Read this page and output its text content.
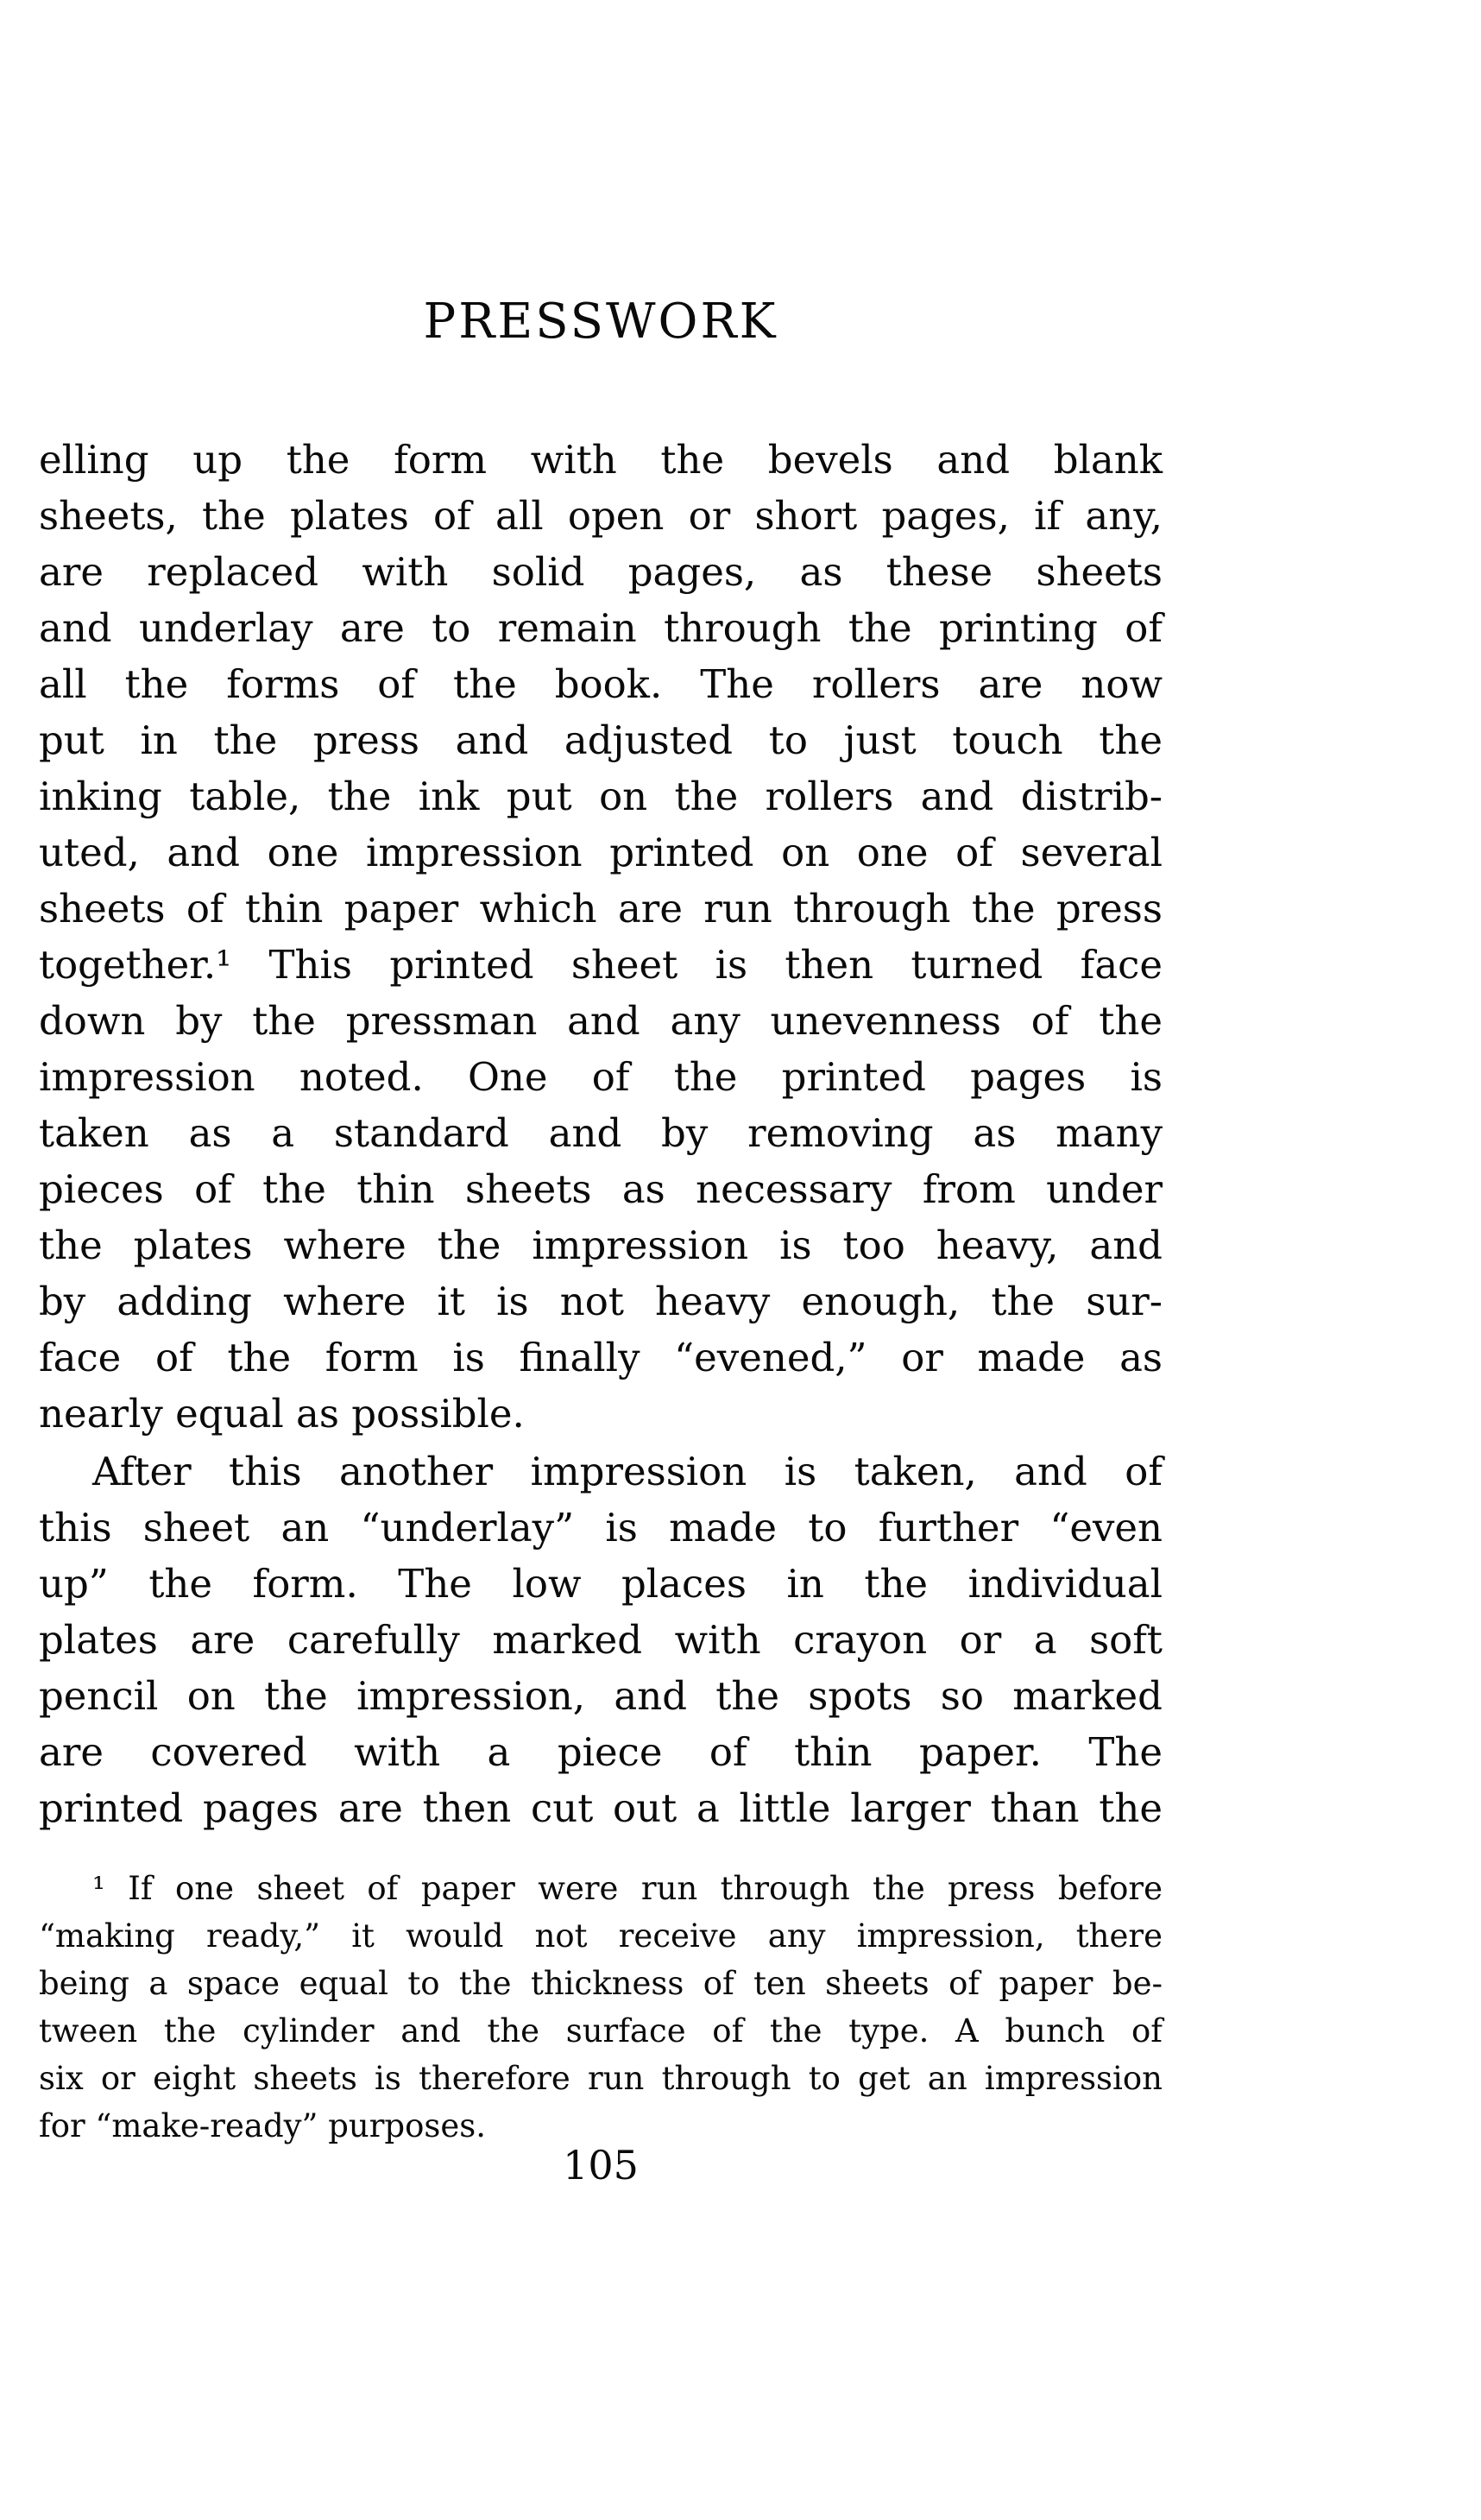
PRESSWORK
elling up the form with the bevels and blank
sheets, the plates of all open or short pages, if any,
are replaced with solid pages, as these sheets
and underlay are to remain through the printing of
all the forms of the book. The rollers are now
put in the press and adjusted to just touch the
inking table, the ink put on the rollers and distrib-
uted, and one impression printed on one of several
sheets of thin paper which are run through the press
together.¹ This printed sheet is then turned face
down by the pressman and any unevenness of the
impression noted. One of the printed pages is
taken as a standard and by removing as many
pieces of the thin sheets as necessary from under
the plates where the impression is too heavy, and
by adding where it is not heavy enough, the sur-
face of the form is finally “evened,” or made as
nearly equal as possible.
After this another impression is taken, and of
this sheet an “underlay” is made to further “even
up” the form. The low places in the individual
plates are carefully marked with crayon or a soft
pencil on the impression, and the spots so marked
are covered with a piece of thin paper. The
printed pages are then cut out a little larger than the
¹ If one sheet of paper were run through the press before
“making ready,” it would not receive any impression, there
being a space equal to the thickness of ten sheets of paper be-
tween the cylinder and the surface of the type. A bunch of
six or eight sheets is therefore run through to get an impression
for “make-ready” purposes.
105
